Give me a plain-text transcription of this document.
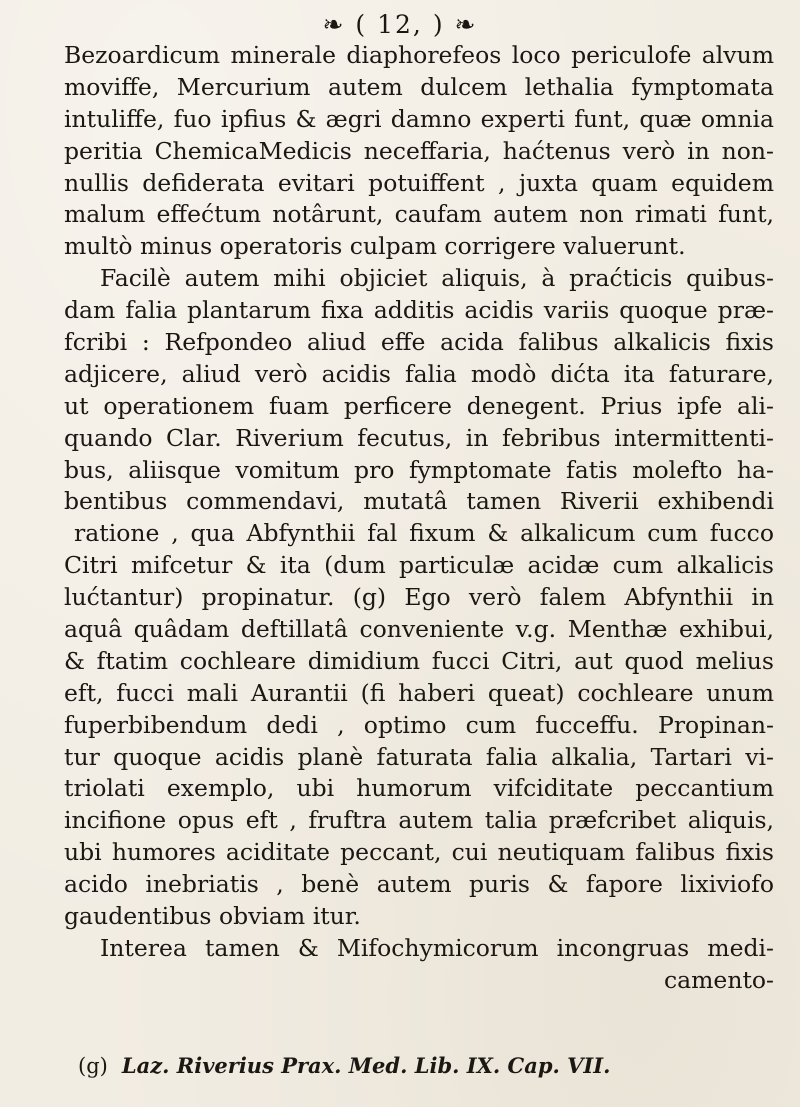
❧ ( 12, ) ❧
Bezoardicum minerale diaphorefeos loco periculofe alvum
moviffe, Mercurium autem dulcem lethalia fymptomata
intuliffe, fuo ipfius & ægri damno experti funt, quæ omnia
peritia ChemicaMedicis neceffaria, haćtenus verò in non-
nullis defiderata evitari potuiffent , juxta quam equidem
malum effećtum notârunt, caufam autem non rimati funt,
multò minus operatoris culpam corrigere valuerunt.
Facilè autem mihi objiciet aliquis, à praćticis quibus-
dam falia plantarum fixa additis acidis variis quoque præ-
fcribi : Refpondeo aliud effe acida falibus alkalicis fixis
adjicere, aliud verò acidis falia modò dićta ita faturare,
ut operationem fuam perficere denegent. Prius ipfe ali-
quando Clar. Riverium fecutus, in febribus intermittenti-
bus, aliisque vomitum pro fymptomate fatis molefto ha-
bentibus commendavi, mutatâ tamen Riverii exhibendi
ratione , qua Abfynthii fal fixum & alkalicum cum fucco
Citri mifcetur & ita (dum particulæ acidæ cum alkalicis
lućtantur) propinatur. (g) Ego verò falem Abfynthii in
aquâ quâdam deftillatâ conveniente v.g. Menthæ exhibui,
& ftatim cochleare dimidium fucci Citri, aut quod melius
eft, fucci mali Aurantii (fi haberi queat) cochleare unum
fuperbibendum dedi , optimo cum fucceffu. Propinan-
tur quoque acidis planè faturata falia alkalia, Tartari vi-
triolati exemplo, ubi humorum vifciditate peccantium
incifione opus eft , fruftra autem talia præfcribet aliquis,
ubi humores aciditate peccant, cui neutiquam falibus fixis
acido inebriatis , benè autem puris & fapore lixiviofo
gaudentibus obviam itur.
Interea tamen & Mifochymicorum incongruas medi-
camento-
(g) Laz. Riverius Prax. Med. Lib. IX. Cap. VII.
